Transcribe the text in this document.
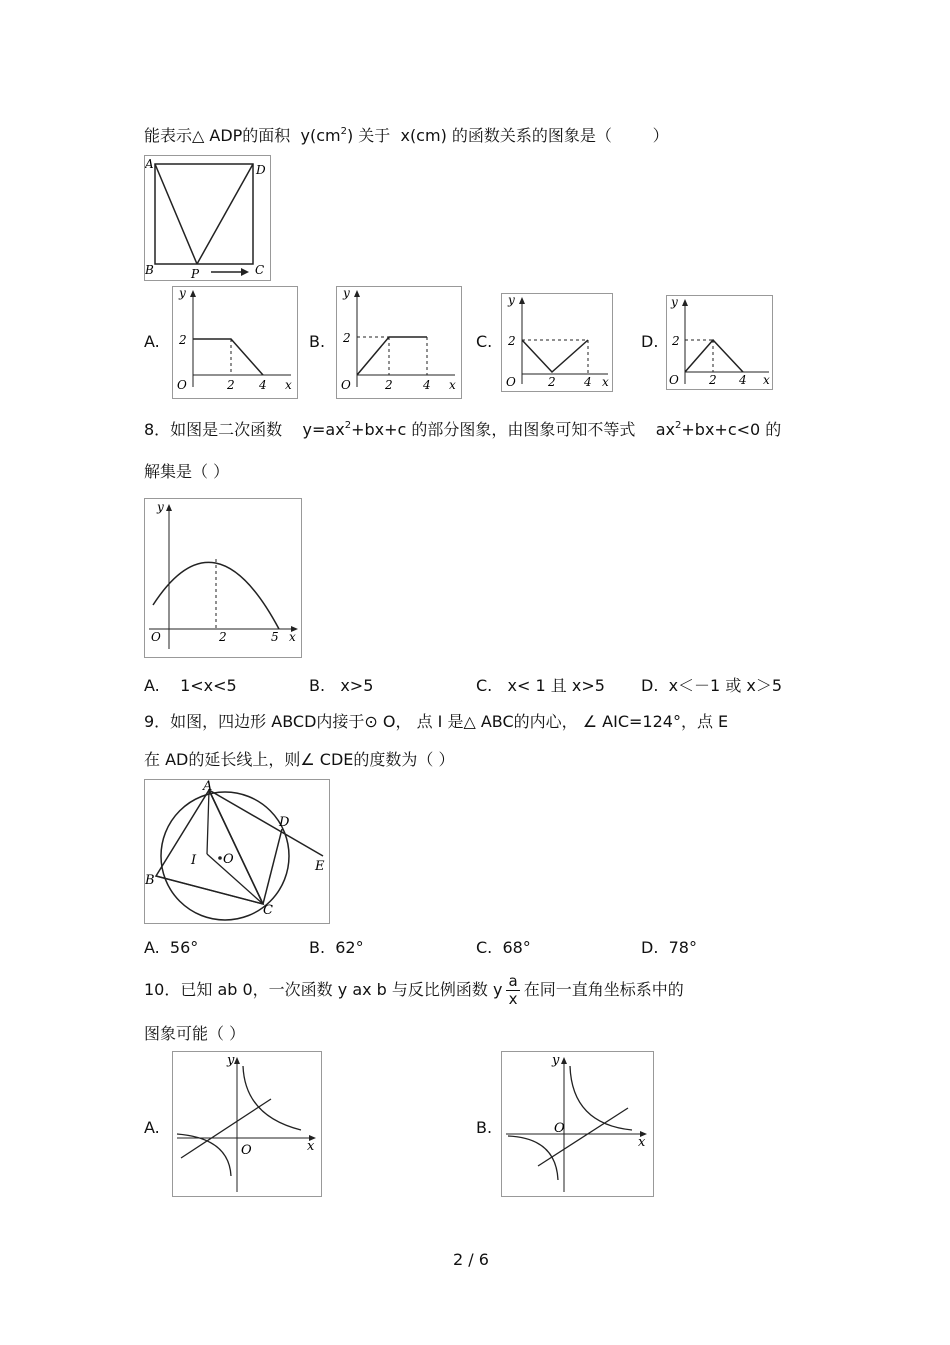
能表示△ ADP的面积 $y(cm^2)$ 关于 x(cm) 的函数关系的图象是（	）
A	D
B	C
P
A.	B.	C.	D.
y
2
O	2 4 x
y
2
O	2	4 x
y
2
O	2 4 x
y
2
O	2 4 x
8．如图是二次函数 $y=ax^2+bx+c$ 的部分图象，由图象可知不等式 $ax^2+bx+c<0$ 的
解集是（ ）
y
O	2	5 x
A. 1<x<5	B. x>5	C. x< 1 且 x>5 D. x＜－1 或 x＞5
9．如图，四边形 ABCD内接于⊙ O， 点 I 是△ ABC的内心， ∠ AIC=124°，点 E
在 AD的延长线上，则∠ CDE的度数为（ ）
A
B
C
D
E
I O
A. 56°	B. 62°	C. 68°	D. 78°
10．已知 ab 0，一次函数 y ax b 与反比例函数 y $\frac{a}{x}$ 在同一直角坐标系中的
图象可能（ ）
A.	B.
y
O	x
y
O
x
2 / 6
